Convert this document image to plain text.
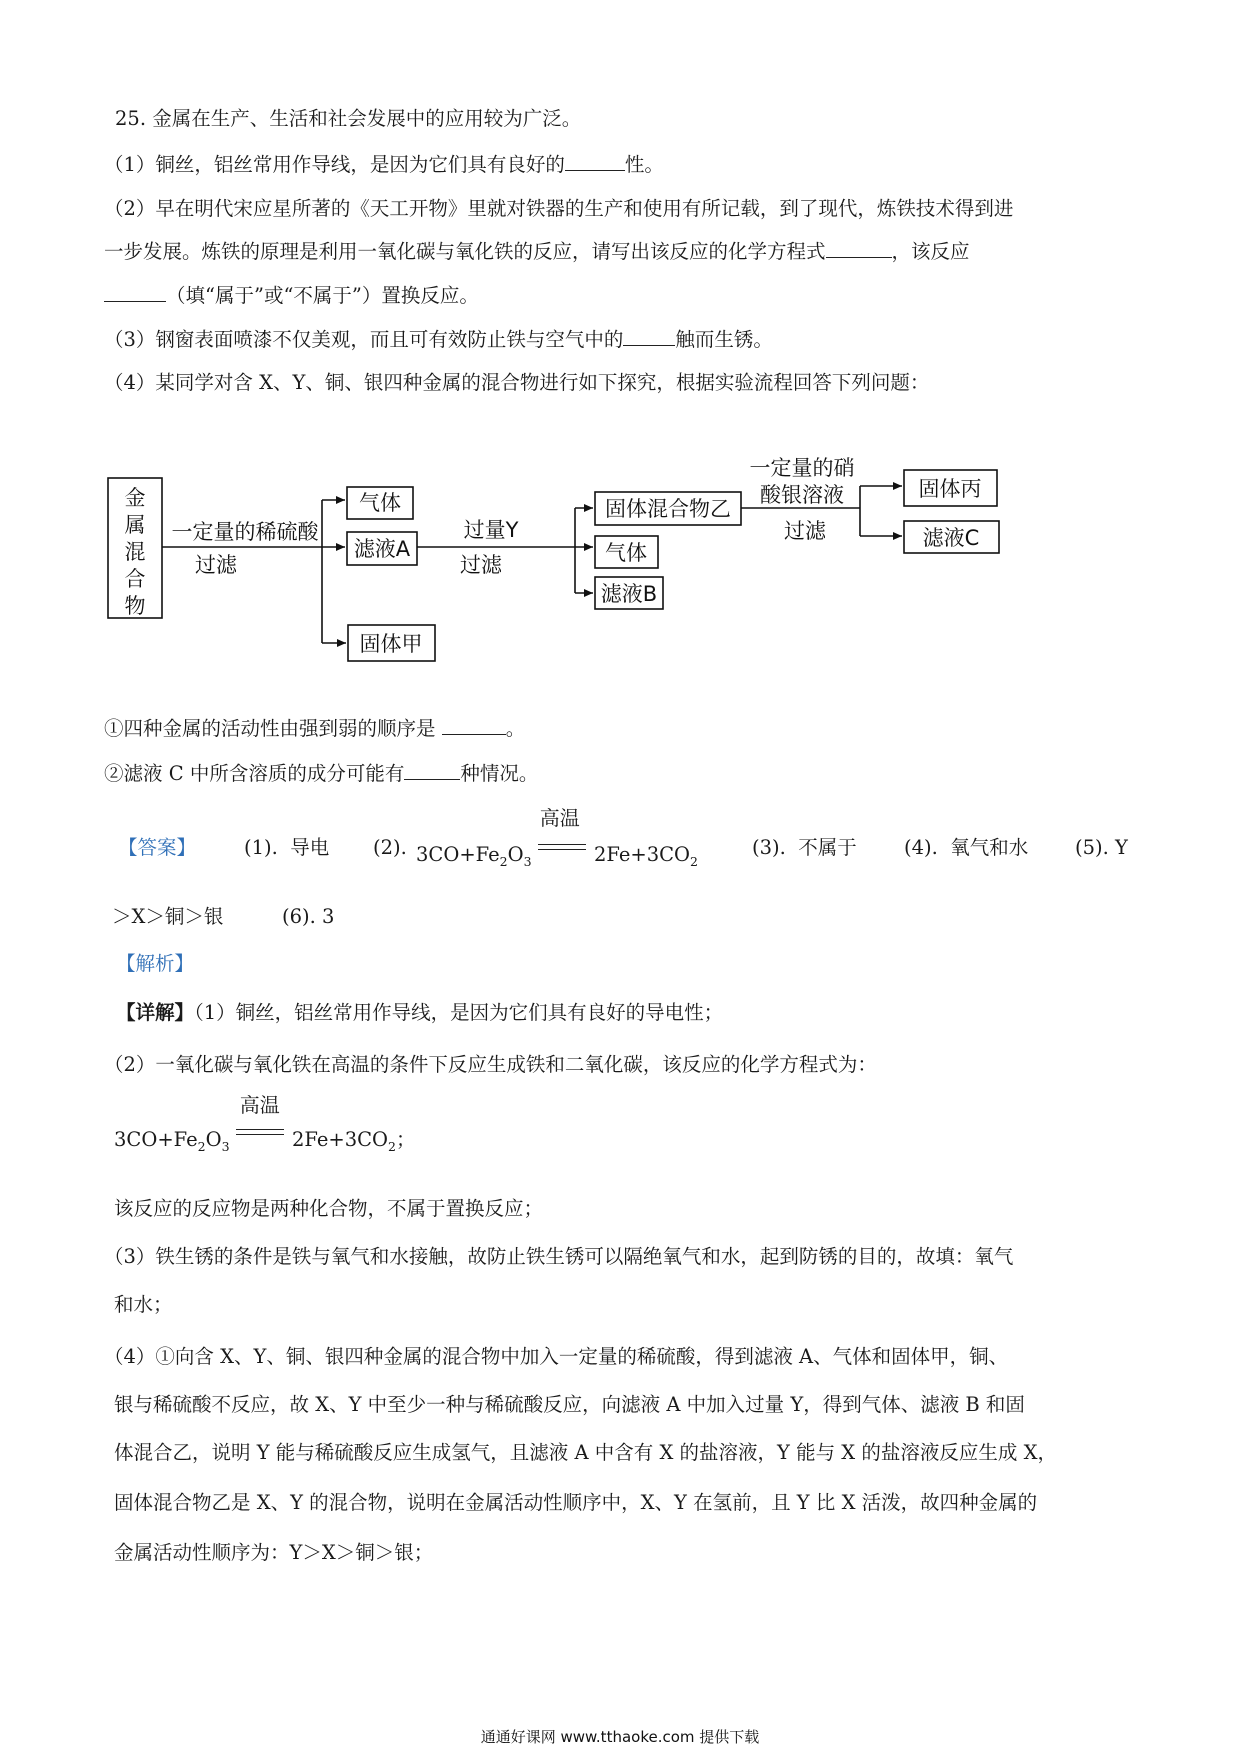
25. 金属在生产、生活和社会发展中的应用较为广泛。
（1）铜丝，铝丝常用作导线，是因为它们具有良好的	性。
（2）早在明代宋应星所著的《天工开物》里就对铁器的生产和使用有所记载，到了现代，炼铁技术得到进
一步发展。炼铁的原理是利用一氧化碳与氧化铁的反应，请写出该反应的化学方程式	，该反应
（填“属于”或“不属于”）置换反应。
（3）钢窗表面喷漆不仅美观，而且可有效防止铁与空气中的	触而生锈。
（4）某同学对含 X、Y、铜、银四种金属的混合物进行如下探究，根据实验流程回答下列问题：
金
属
混
合
物
一定量的稀硫酸
过滤
气体
滤液A
固体甲
过量Y
过滤
固体混合物乙
气体
滤液B
一定量的硝
酸银溶液
过滤
固体丙
滤液C
①四种金属的活动性由强到弱的顺序是	。
②滤液 C 中所含溶质的成分可能有	种情况。
【答案】 (1). 导电 (2). $3CO+Fe_2O_3$
高温
$2Fe+3CO_2$
(3). 不属于 (4). 氧气和水 (5). Y
＞X＞铜＞银	(6). 3
【解析】
【详解】（1）铜丝，铝丝常用作导线，是因为它们具有良好的导电性；
（2）一氧化碳与氧化铁在高温的条件下反应生成铁和二氧化碳，该反应的化学方程式为：
$3CO+Fe_2O_3$
高温
$2Fe+3CO_2$；
该反应的反应物是两种化合物，不属于置换反应；
（3）铁生锈的条件是铁与氧气和水接触，故防止铁生锈可以隔绝氧气和水，起到防锈的目的，故填：氧气
和水；
（4）①向含 X、Y、铜、银四种金属的混合物中加入一定量的稀硫酸，得到滤液 A、气体和固体甲，铜、
银与稀硫酸不反应，故 X、Y 中至少一种与稀硫酸反应，向滤液 A 中加入过量 Y，得到气体、滤液 B 和固
体混合乙，说明 Y 能与稀硫酸反应生成氢气，且滤液 A 中含有 X 的盐溶液，Y 能与 X 的盐溶液反应生成 X，
固体混合物乙是 X、Y 的混合物，说明在金属活动性顺序中，X、Y 在氢前，且 Y 比 X 活泼，故四种金属的
金属活动性顺序为：Y＞X＞铜＞银；
通通好课网 www.tthaoke.com 提供下载
